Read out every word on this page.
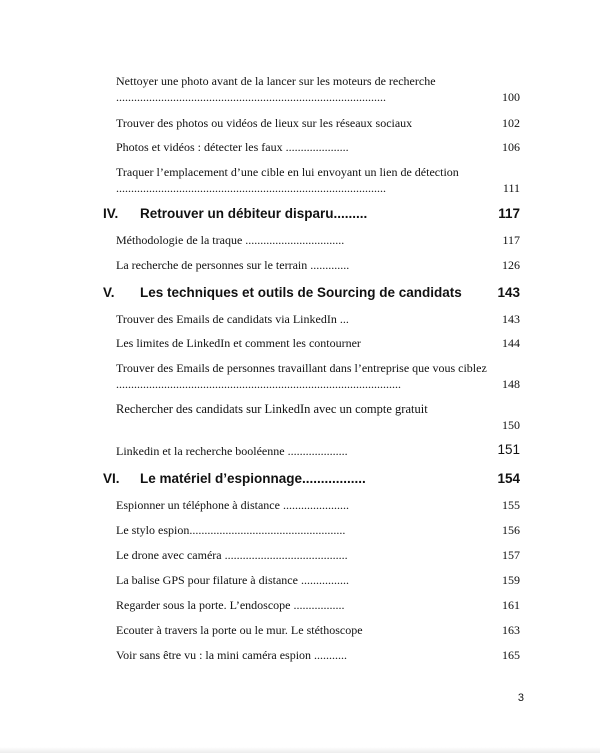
Nettoyer une photo avant de la lancer sur les moteurs de recherche
..........................................................................................	100
Trouver des photos ou vidéos de lieux sur les réseaux sociaux	102
Photos et vidéos : détecter les faux .....................	106
Traquer l’emplacement d’une cible en lui envoyant un lien de détection
..........................................................................................	111
IV. Retrouver un débiteur disparu.........	117
Méthodologie de la traque .................................	117
La recherche de personnes sur le terrain .............	126
V. Les techniques et outils de Sourcing de candidats	143
Trouver des Emails de candidats via LinkedIn ...	143
Les limites de LinkedIn et comment les contourner	144
Trouver des Emails de personnes travaillant dans l’entreprise que vous ciblez
...............................................................................................	148
Rechercher des candidats sur LinkedIn avec un compte gratuit
150
Linkedin et la recherche booléenne ....................	151
VI. Le matériel d’espionnage.................	154
Espionner un téléphone à distance ......................	155
Le stylo espion....................................................	156
Le drone avec caméra .........................................	157
La balise GPS pour filature à distance ................	159
Regarder sous la porte. L’endoscope .................	161
Ecouter à travers la porte ou le mur. Le stéthoscope	163
Voir sans être vu : la mini caméra espion ...........	165
3
